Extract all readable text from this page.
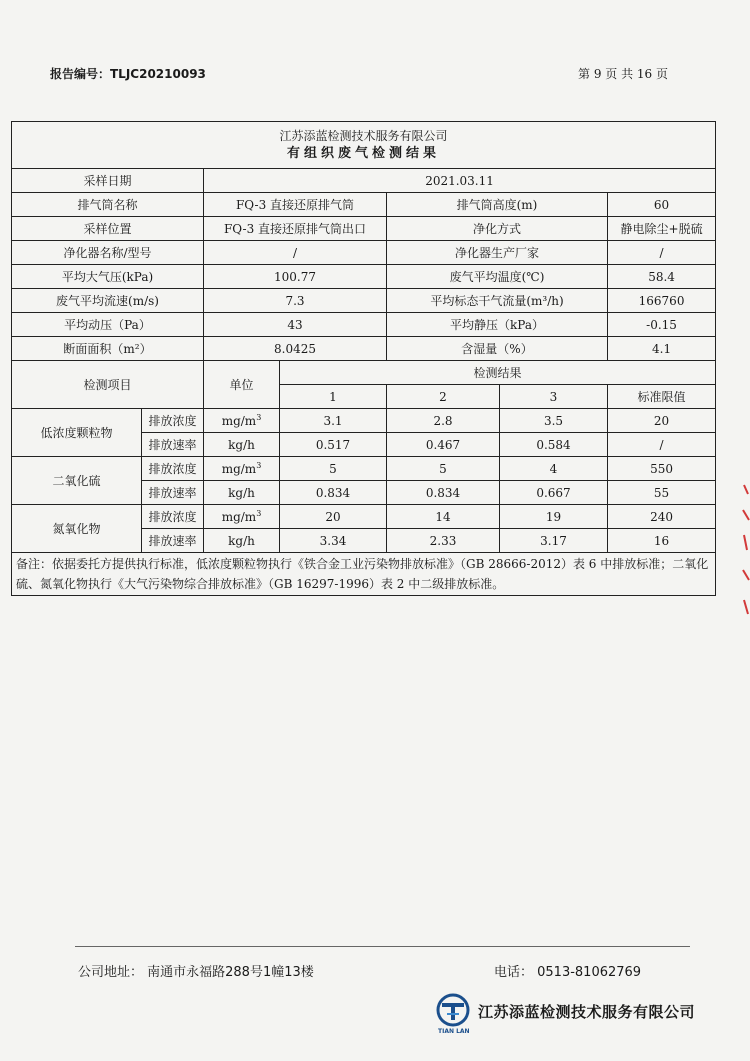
报告编号：TLJC20210093	第 9 页 共 16 页
江苏添蓝检测技术服务有限公司
有组织废气检测结果						

采样日期		2021.03.11				
排气筒名称		FQ-3 直接还原排气筒		排气筒高度(m)		60
采样位置		FQ-3 直接还原排气筒出口		净化方式		静电除尘+脱硫
净化器名称/型号		/		净化器生产厂家		/
平均大气压(kPa)		100.77		废气平均温度(℃)		58.4
废气平均流速(m/s)		7.3		平均标态干气流量(m³/h)		166760
平均动压（Pa）		43		平均静压（kPa）		-0.15
断面面积（m²）		8.0425		含湿量（%）		4.1
检测项目		单位	检测结果			
			1	2	3	标准限值
低浓度颗粒物	排放浓度	$mg/m^3$	3.1	2.8	3.5	20
	排放速率	kg/h	0.517	0.467	0.584	/
二氧化硫	排放浓度	$mg/m^3$	5	5	4	550
	排放速率	kg/h	0.834	0.834	0.667	55
氮氧化物	排放浓度	$mg/m^3$	20	14	19	240
	排放速率	kg/h	3.34	2.33	3.17	16
备注：依据委托方提供执行标准，低浓度颗粒物执行《铁合金工业污染物排放标准》（GB 28666-2012）表 6 中排放标准；二氧化硫、氮氧化物执行《大气污染物综合排放标准》（GB 16297-1996）表 2 中二级排放标准。						
公司地址： 南通市永福路288号1幢13楼	电话： 0513-81062769
TIAN LAN
江苏添蓝检测技术服务有限公司
